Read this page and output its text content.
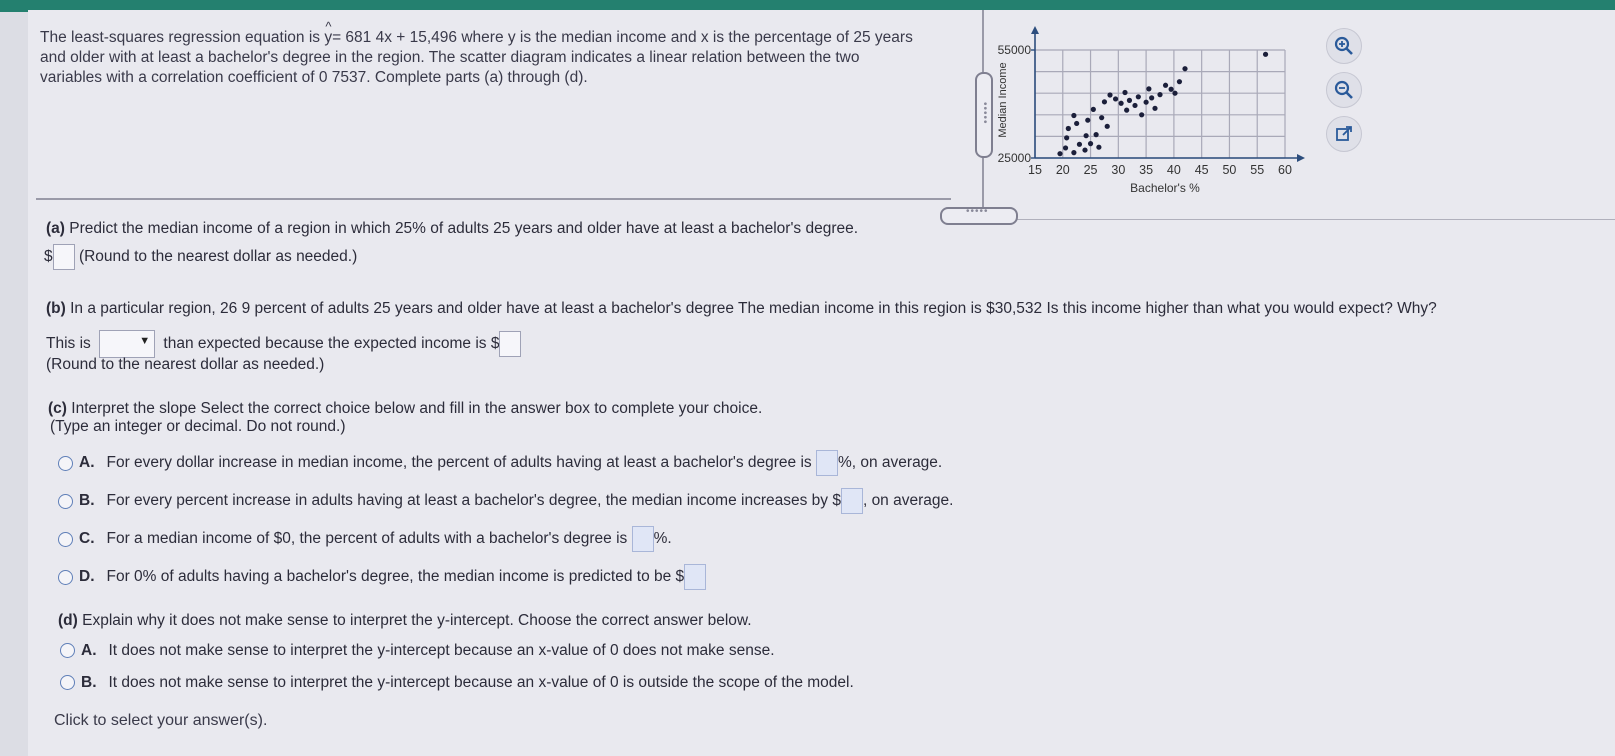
The least-squares regression equation is ^ y= 681 4x + 15,496 where y is the median income and x is the percentage of 25 years
and older with at least a bachelor's degree in the region. The scatter diagram indicates a linear relation between the two
variables with a correlation coefficient of 0 7537. Complete parts (a) through (d).
•••••
15 20 25 30 35 40 45 50 55 60
55000
25000
Bachelor's %
Median Income
•••••
(a) Predict the median income of a region in which 25% of adults 25 years and older have at least a bachelor's degree.
$ (Round to the nearest dollar as needed.)
(b) In a particular region, 26 9 percent of adults 25 years and older have at least a bachelor's degree The median income in this region is $30,532 Is this income higher than what you would expect? Why?
This is	▼ than expected because the expected income is $
(Round to the nearest dollar as needed.)
(c) Interpret the slope Select the correct choice below and fill in the answer box to complete your choice.
(Type an integer or decimal. Do not round.)
A. For every dollar increase in median income, the percent of adults having at least a bachelor's degree is %, on average.
B. For every percent increase in adults having at least a bachelor's degree, the median income increases by $ , on average.
C. For a median income of $0, the percent of adults with a bachelor's degree is %.
D. For 0% of adults having a bachelor's degree, the median income is predicted to be $
(d) Explain why it does not make sense to interpret the y-intercept. Choose the correct answer below.
A. It does not make sense to interpret the y-intercept because an x-value of 0 does not make sense.
B. It does not make sense to interpret the y-intercept because an x-value of 0 is outside the scope of the model.
Click to select your answer(s).
